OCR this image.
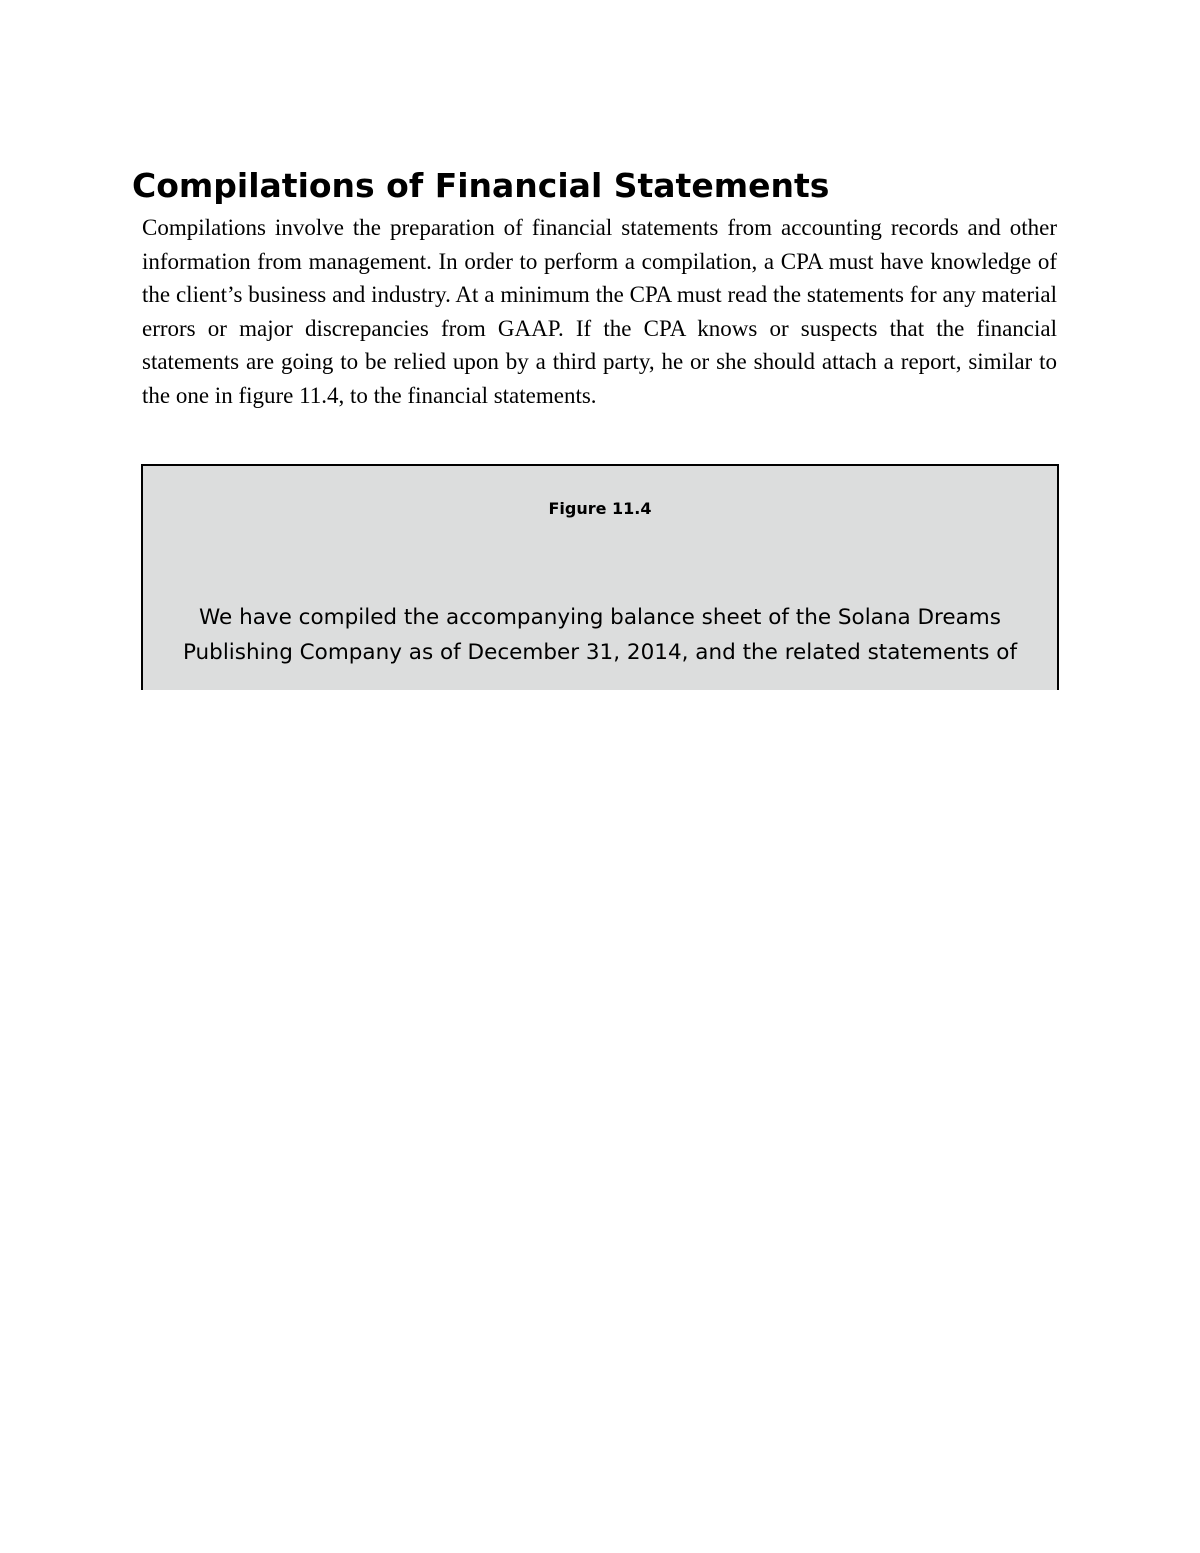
Compilations of Financial Statements

Compilations involve the preparation of financial statements from accounting records and other information from management. In order to perform a compilation, a CPA must have knowledge of the client’s business and industry. At a minimum the CPA must read the statements for any material errors or major discrepancies from GAAP. If the CPA knows or suspects that the financial statements are going to be relied upon by a third party, he or she should attach a report, similar to the one in figure 11.4, to the financial statements.

Figure 11.4
We have compiled the accompanying balance sheet of the Solana Dreams
Publishing Company as of December 31, 2014, and the related statements of
